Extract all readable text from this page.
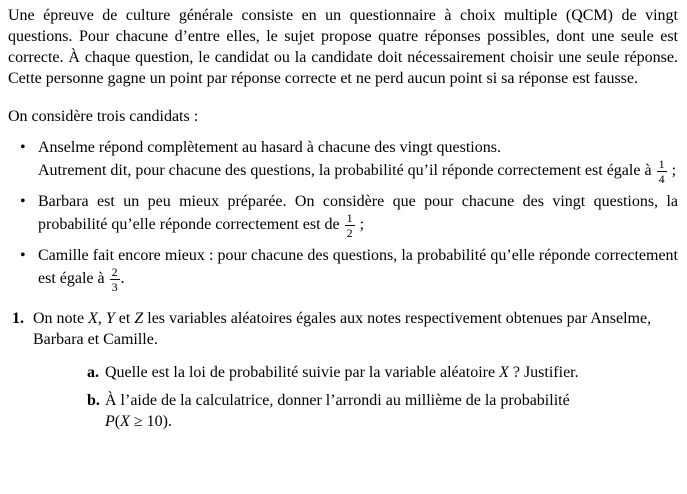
Une épreuve de culture générale consiste en un questionnaire à choix multiple (QCM) de vingt questions. Pour chacune d’entre elles, le sujet propose quatre réponses possibles, dont une seule est correcte. À chaque question, le candidat ou la candidate doit nécessairement choisir une seule réponse. Cette personne gagne un point par réponse correcte et ne perd aucun point si sa réponse est fausse.

On considère trois candidats :

• Anselme répond complètement au hasard à chacune des vingt questions.
Autrement dit, pour chacune des questions, la probabilité qu’il réponde correctement est égale à $\frac{1}{4}$ ;
• Barbara est un peu mieux préparée. On considère que pour chacune des vingt questions, la probabilité qu’elle réponde correctement est de $\frac{1}{2}$ ;
• Camille fait encore mieux : pour chacune des questions, la probabilité qu’elle réponde correctement est égale à $\frac{2}{3}$ .
1. On note X, Y et Z les variables aléatoires égales aux notes respectivement obtenues par Anselme, Barbara et Camille.

a. Quelle est la loi de probabilité suivie par la variable aléatoire X ? Justifier.

b. À l’aide de la calculatrice, donner l’arrondi au millième de la probabilité
P(X ≥ 10).
